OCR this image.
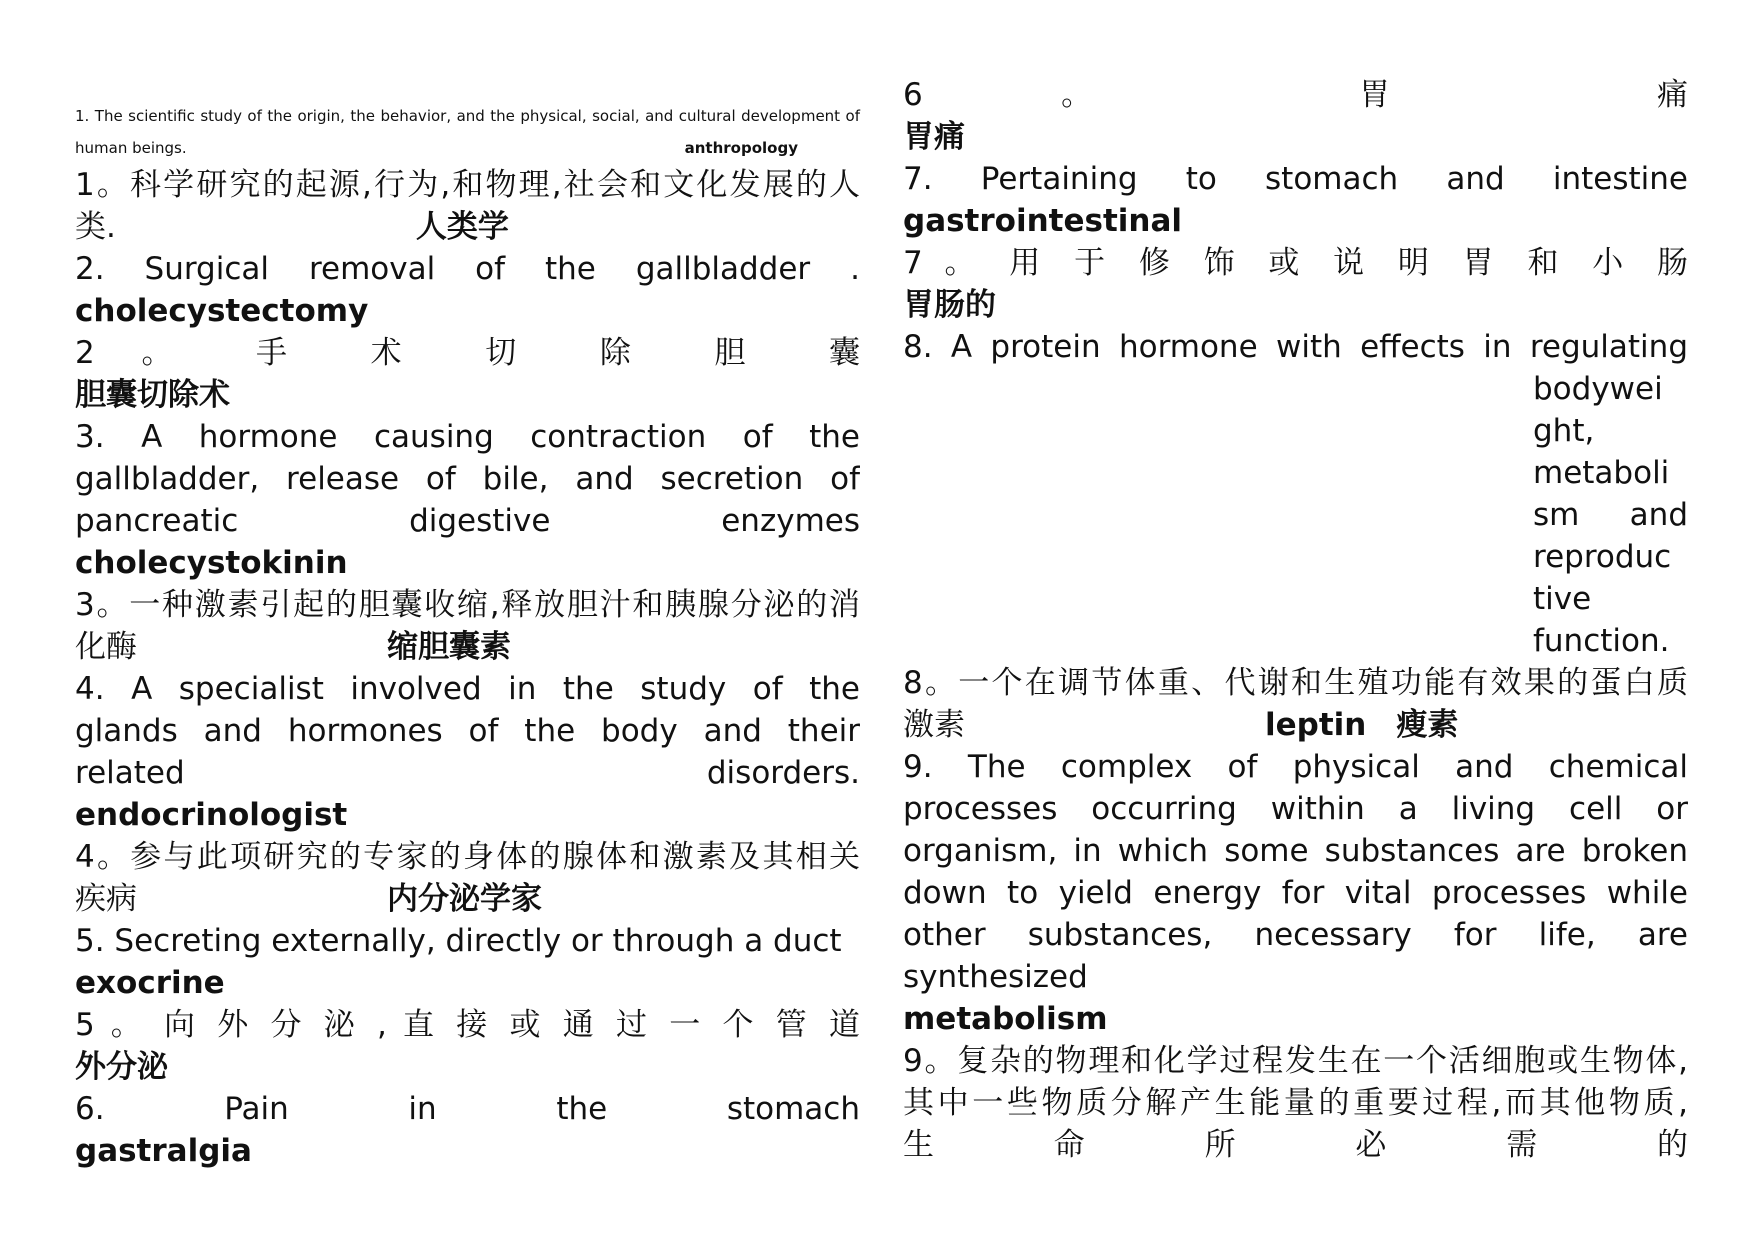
1. The scientific study of the origin, the behavior, and the physical, social, and cultural development of
human beings.	anthropology
1。科学研究的起源,行为,和物理,社会和文化发展的人
类.	人类学
2. Surgical removal of the gallbladder .
cholecystectomy
2 。 手 术 切 除 胆 囊
胆囊切除术
3. A hormone causing contraction of the
gallbladder, release of bile, and secretion of
pancreatic digestive enzymes
cholecystokinin
3。一种激素引起的胆囊收缩,释放胆汁和胰腺分泌的消
化酶	缩胆囊素
4. A specialist involved in the study of the
glands and hormones of the body and their
related disorders.
endocrinologist
4。参与此项研究的专家的身体的腺体和激素及其相关
疾病	内分泌学家
5. Secreting externally, directly or through a duct
exocrine
5 。 向 外 分 泌 , 直 接 或 通 过 一 个 管 道
外分泌
6. Pain in the stomach
gastralgia
6 。 胃 痛
胃痛
7. Pertaining to stomach and intestine
gastrointestinal
7 。 用 于 修 饰 或 说 明 胃 和 小 肠
胃肠的
8. A protein hormone with effects in regulating
bodywei
ght,
metaboli
sm and
reproduc
tive
function.
8。一个在调节体重、代谢和生殖功能有效果的蛋白质
激素	leptin 瘦素
9. The complex of physical and chemical
processes occurring within a living cell or
organism, in which some substances are broken
down to yield energy for vital processes while
other substances, necessary for life, are
synthesized
metabolism
9。复杂的物理和化学过程发生在一个活细胞或生物体,
其中一些物质分解产生能量的重要过程,而其他物质,
生 命 所 必 需 的
